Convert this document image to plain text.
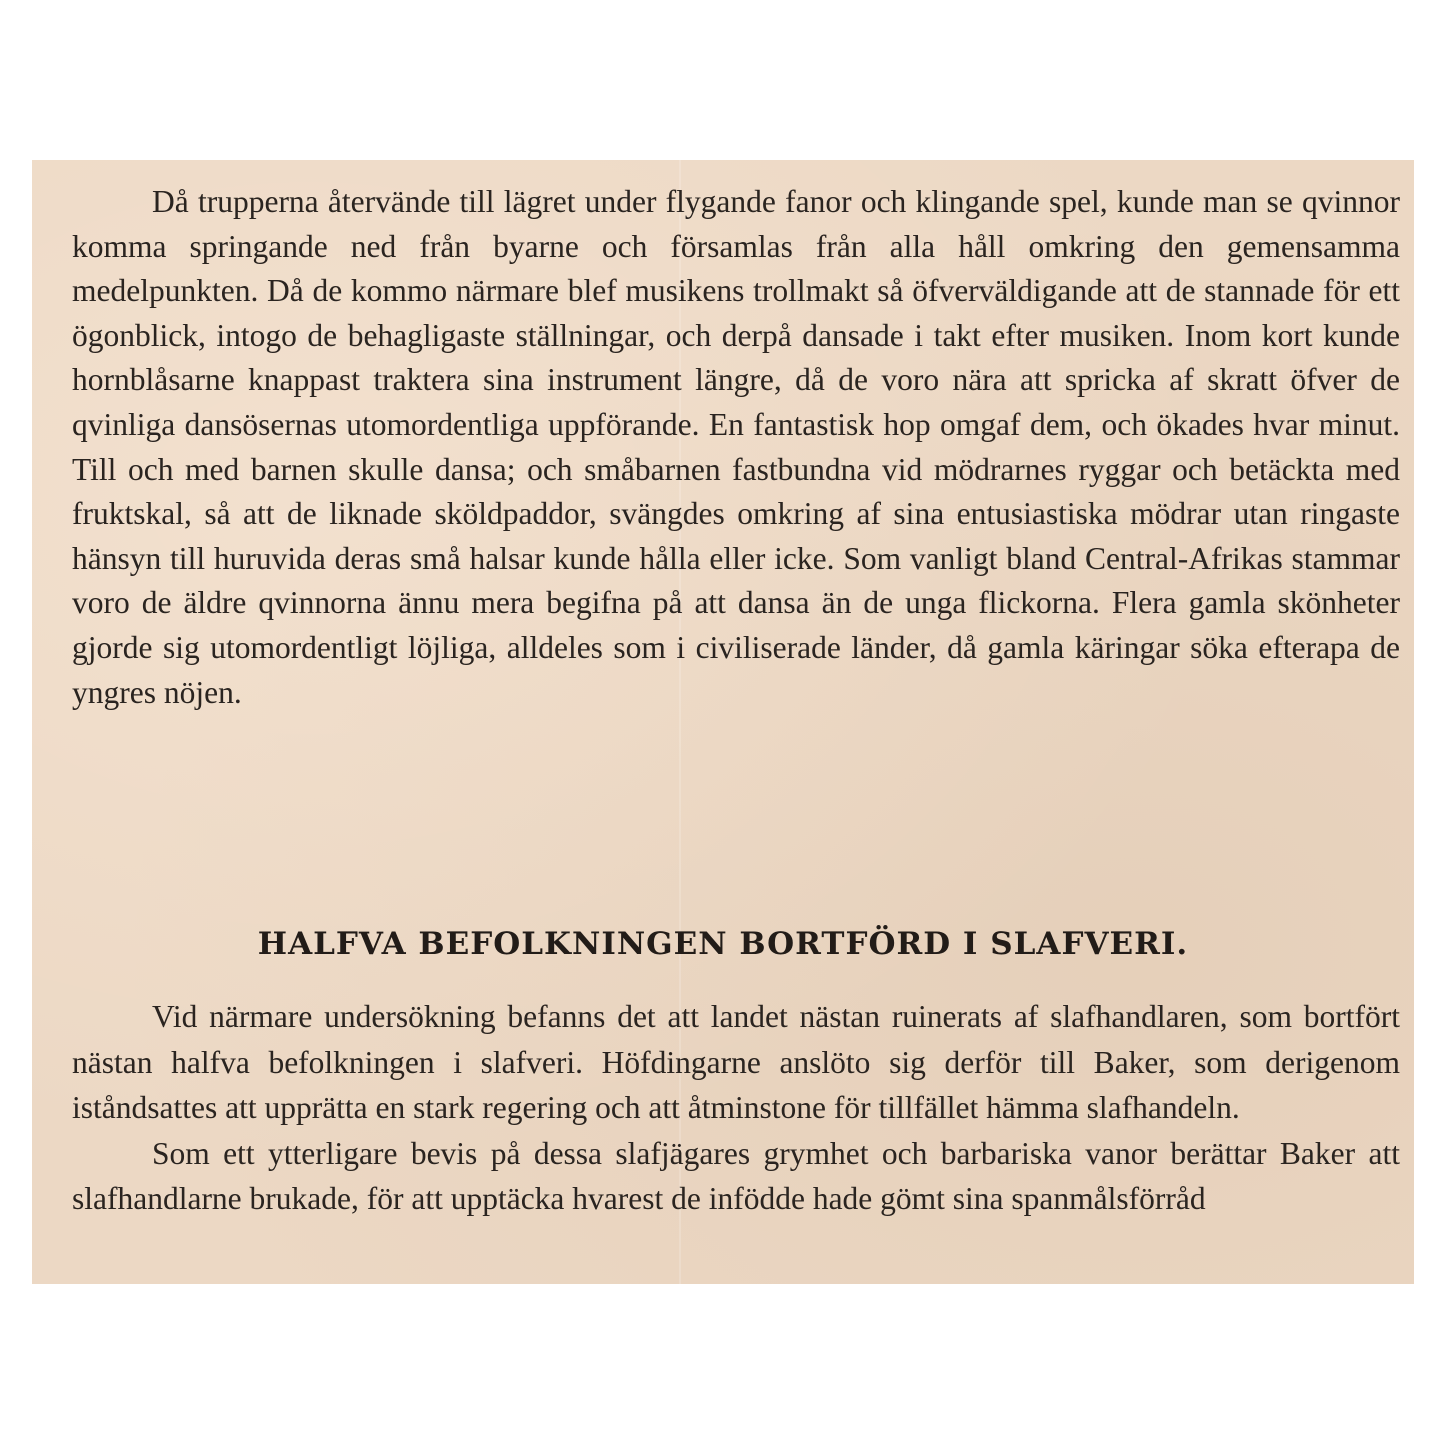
Då trupperna återvände till lägret under flygande fanor och klingande spel, kunde man se qvinnor komma springande ned från byarne och församlas från alla håll omkring den gemensamma medelpunkten. Då de kommo närmare blef musikens trollmakt så öfverväldigande att de stannade för ett ögonblick, intogo de behagligaste ställningar, och derpå dansade i takt efter musiken. Inom kort kunde hornblåsarne knappast traktera sina instrument längre, då de voro nära att spricka af skratt öfver de qvinliga dansösernas utomordentliga uppförande. En fantastisk hop omgaf dem, och ökades hvar minut. Till och med barnen skulle dansa; och småbarnen fastbundna vid mödrarnes ryggar och betäckta med fruktskal, så att de liknade sköldpaddor, svängdes omkring af sina entusiastiska mödrar utan ringaste hänsyn till huruvida deras små halsar kunde hålla eller icke. Som vanligt bland Central-Afrikas stammar voro de äldre qvinnorna ännu mera begifna på att dansa än de unga flickorna. Flera gamla skönheter gjorde sig utomordentligt löjliga, alldeles som i civiliserade länder, då gamla käringar söka efterapa de yngres nöjen.

HALFVA BEFOLKNINGEN BORTFÖRD I SLAFVERI.

Vid närmare undersökning befanns det att landet nästan ruinerats af slafhandlaren, som bortfört nästan halfva befolkningen i slafveri. Höfdingarne anslöto sig derför till Baker, som derigenom iståndsattes att upprätta en stark regering och att åtminstone för tillfället hämma slafhandeln.

Som ett ytterligare bevis på dessa slafjägares grymhet och barbariska vanor berättar Baker att slafhandlarne brukade, för att upptäcka hvarest de infödde hade gömt sina spanmålsförråd
